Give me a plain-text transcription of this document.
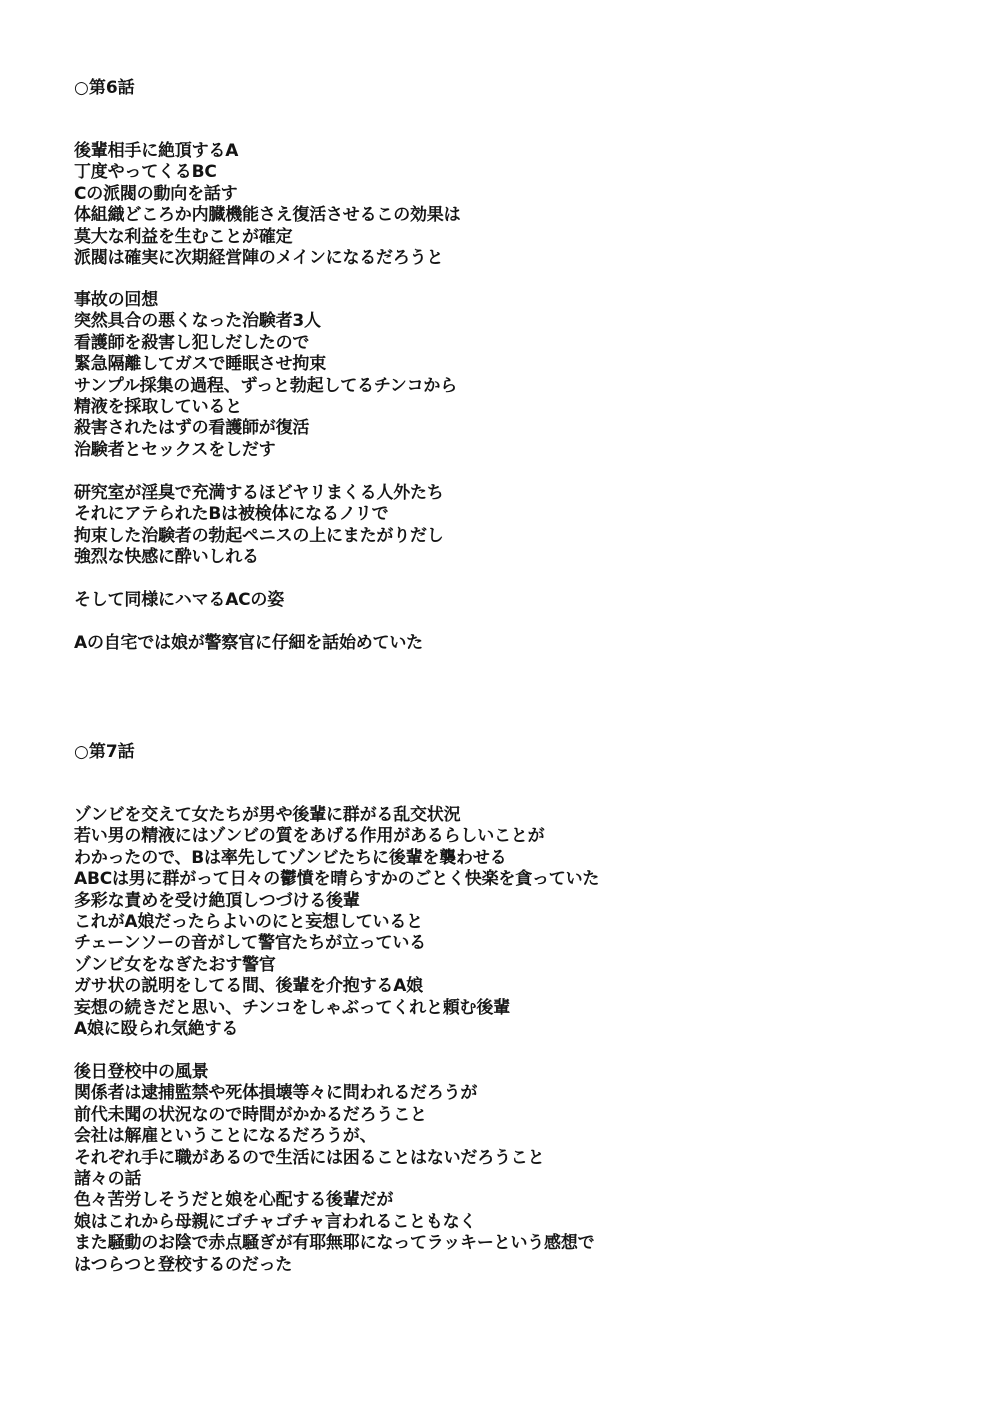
○第6話
後輩相手に絶頂するA
丁度やってくるBC
Cの派閥の動向を話す
体組織どころか内臓機能さえ復活させるこの効果は
莫大な利益を生むことが確定
派閥は確実に次期経営陣のメインになるだろうと
事故の回想
突然具合の悪くなった治験者3人
看護師を殺害し犯しだしたので
緊急隔離してガスで睡眠させ拘束
サンプル採集の過程、ずっと勃起してるチンコから
精液を採取していると
殺害されたはずの看護師が復活
治験者とセックスをしだす
研究室が淫臭で充満するほどヤリまくる人外たち
それにアテられたBは被検体になるノリで
拘束した治験者の勃起ペニスの上にまたがりだし
強烈な快感に酔いしれる
そして同様にハマるACの姿
Aの自宅では娘が警察官に仔細を話始めていた
○第7話
ゾンビを交えて女たちが男や後輩に群がる乱交状況
若い男の精液にはゾンビの質をあげる作用があるらしいことが
わかったので、Bは率先してゾンビたちに後輩を襲わせる
ABCは男に群がって日々の鬱憤を晴らすかのごとく快楽を貪っていた
多彩な責めを受け絶頂しつづける後輩
これがA娘だったらよいのにと妄想していると
チェーンソーの音がして警官たちが立っている
ゾンビ女をなぎたおす警官
ガサ状の説明をしてる間、後輩を介抱するA娘
妄想の続きだと思い、チンコをしゃぶってくれと頼む後輩
A娘に殴られ気絶する
後日登校中の風景
関係者は逮捕監禁や死体損壊等々に問われるだろうが
前代未聞の状況なので時間がかかるだろうこと
会社は解雇ということになるだろうが、
それぞれ手に職があるので生活には困ることはないだろうこと
諸々の話
色々苦労しそうだと娘を心配する後輩だが
娘はこれから母親にゴチャゴチャ言われることもなく
また騒動のお陰で赤点騒ぎが有耶無耶になってラッキーという感想で
はつらつと登校するのだった
